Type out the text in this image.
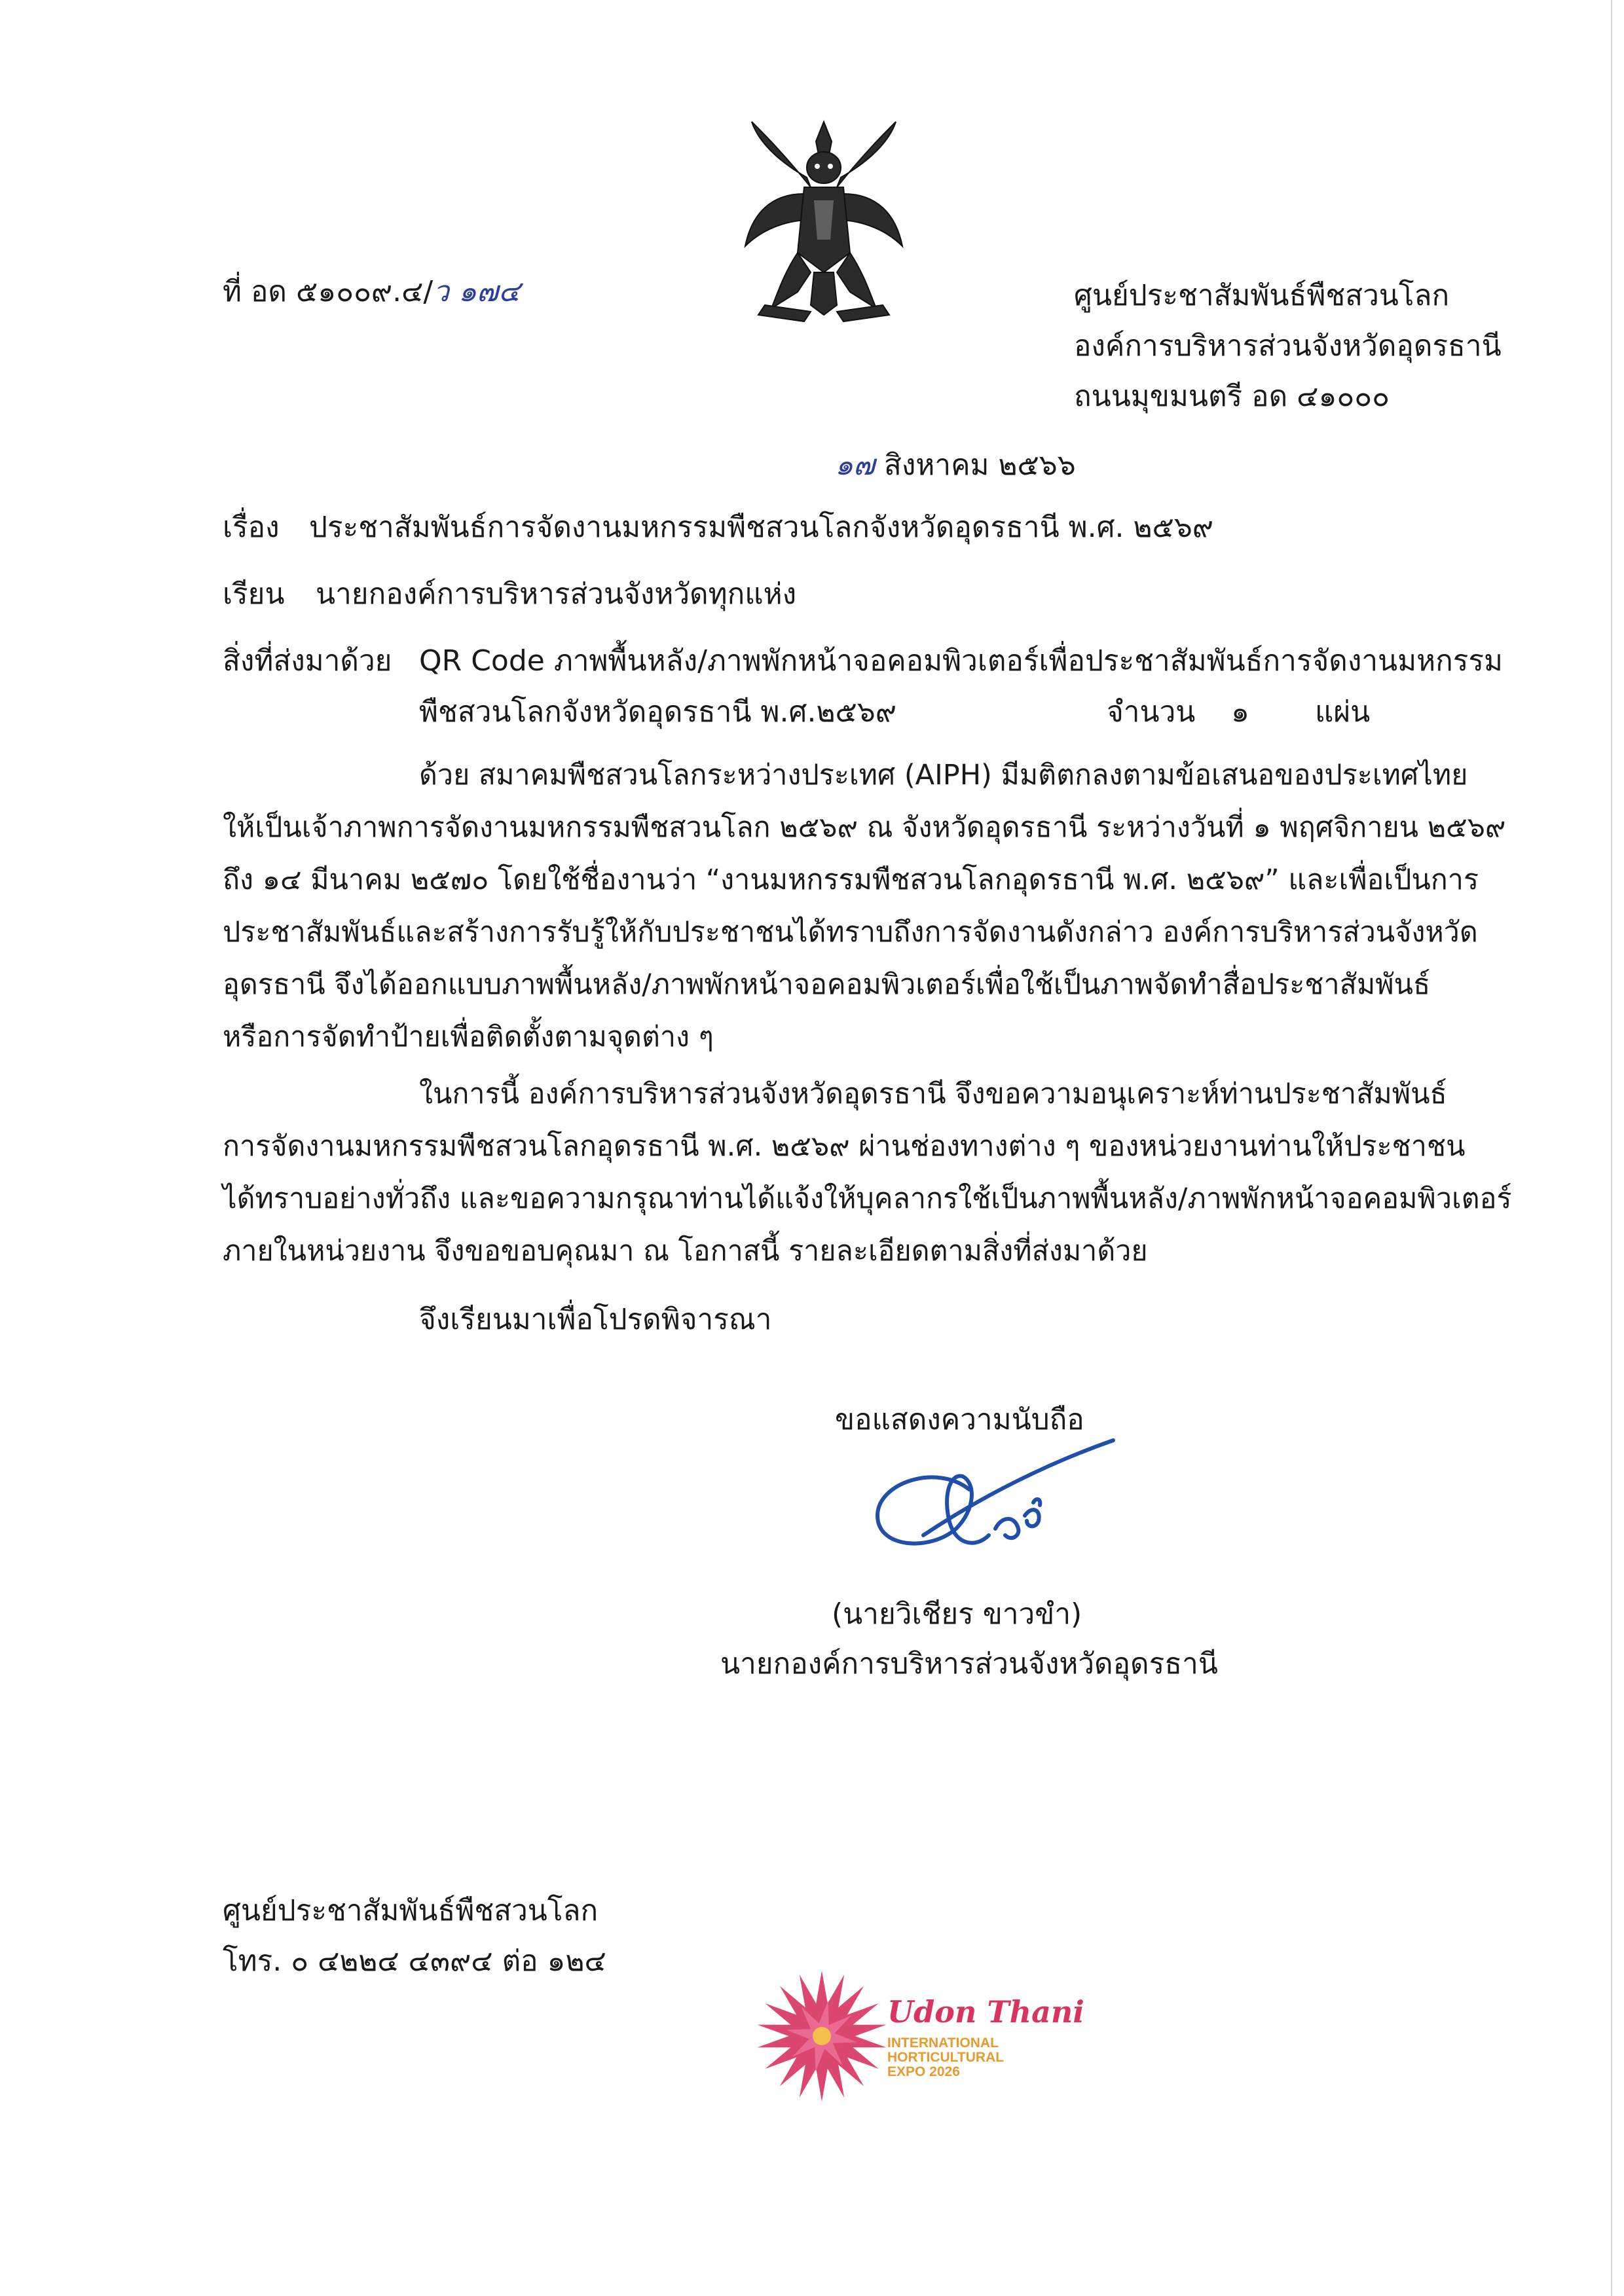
ที่ อด ๕๑๐๐๙.๔/ว ๑๗๔	ศูนย์ประชาสัมพันธ์พืชสวนโลก
องค์การบริหารส่วนจังหวัดอุดรธานี
ถนนมุขมนตรี อด ๔๑๐๐๐
๑๗ สิงหาคม ๒๕๖๖
เรื่อง ประชาสัมพันธ์การจัดงานมหกรรมพืชสวนโลกจังหวัดอุดรธานี พ.ศ. ๒๕๖๙
เรียน นายกองค์การบริหารส่วนจังหวัดทุกแห่ง
สิ่งที่ส่งมาด้วย QR Code ภาพพื้นหลัง/ภาพพักหน้าจอคอมพิวเตอร์เพื่อประชาสัมพันธ์การจัดงานมหกรรม
พืชสวนโลกจังหวัดอุดรธานี พ.ศ.๒๕๖๙	จำนวน ๑ แผ่น
ด้วย สมาคมพืชสวนโลกระหว่างประเทศ (AIPH) มีมติตกลงตามข้อเสนอของประเทศไทย
ให้เป็นเจ้าภาพการจัดงานมหกรรมพืชสวนโลก ๒๕๖๙ ณ จังหวัดอุดรธานี ระหว่างวันที่ ๑ พฤศจิกายน ๒๕๖๙
ถึง ๑๔ มีนาคม ๒๕๗๐ โดยใช้ชื่องานว่า “งานมหกรรมพืชสวนโลกอุดรธานี พ.ศ. ๒๕๖๙” และเพื่อเป็นการ
ประชาสัมพันธ์และสร้างการรับรู้ให้กับประชาชนได้ทราบถึงการจัดงานดังกล่าว องค์การบริหารส่วนจังหวัด
อุดรธานี จึงได้ออกแบบภาพพื้นหลัง/ภาพพักหน้าจอคอมพิวเตอร์เพื่อใช้เป็นภาพจัดทำสื่อประชาสัมพันธ์
หรือการจัดทำป้ายเพื่อติดตั้งตามจุดต่าง ๆ
ในการนี้ องค์การบริหารส่วนจังหวัดอุดรธานี จึงขอความอนุเคราะห์ท่านประชาสัมพันธ์
การจัดงานมหกรรมพืชสวนโลกอุดรธานี พ.ศ. ๒๕๖๙ ผ่านช่องทางต่าง ๆ ของหน่วยงานท่านให้ประชาชน
ได้ทราบอย่างทั่วถึง และขอความกรุณาท่านได้แจ้งให้บุคลากรใช้เป็นภาพพื้นหลัง/ภาพพักหน้าจอคอมพิวเตอร์
ภายในหน่วยงาน จึงขอขอบคุณมา ณ โอกาสนี้ รายละเอียดตามสิ่งที่ส่งมาด้วย
จึงเรียนมาเพื่อโปรดพิจารณา
ขอแสดงความนับถือ
(นายวิเชียร ขาวขำ)
นายกองค์การบริหารส่วนจังหวัดอุดรธานี
ศูนย์ประชาสัมพันธ์พืชสวนโลก
โทร. ๐ ๔๒๒๔ ๔๓๙๔ ต่อ ๑๒๔
Udon Thani
INTERNATIONAL
HORTICULTURAL
EXPO 2026
